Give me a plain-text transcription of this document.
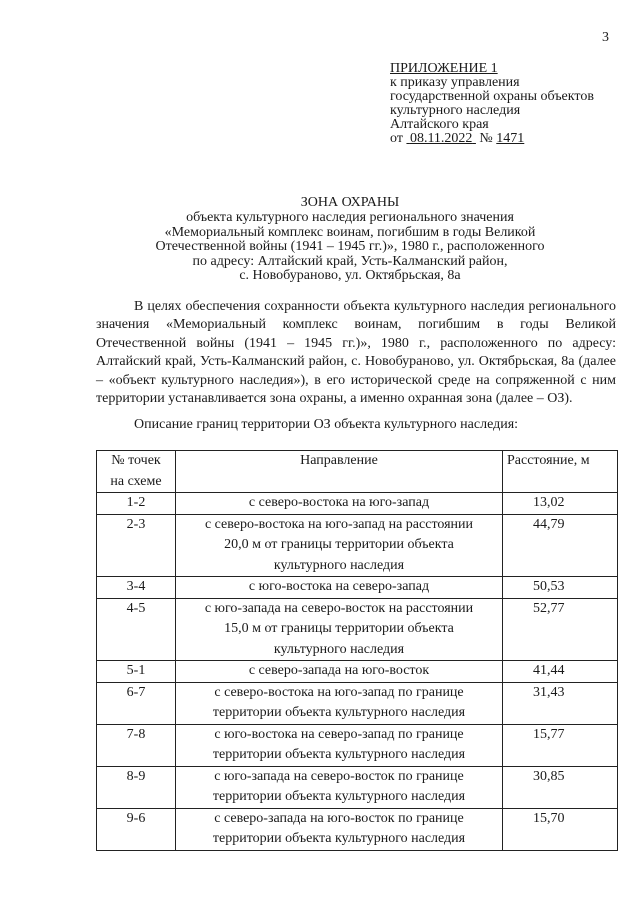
3
ПРИЛОЖЕНИЕ 1
к приказу управления
государственной охраны объектов
культурного наследия
Алтайского края
от 08.11.2022 № 1471
ЗОНА ОХРАНЫ
объекта культурного наследия регионального значения
«Мемориальный комплекс воинам, погибшим в годы Великой
Отечественной войны (1941 – 1945 гг.)», 1980 г., расположенного
по адресу: Алтайский край, Усть-Калманский район,
с. Новобураново, ул. Октябрьская, 8а
В целях обеспечения сохранности объекта культурного наследия регионального значения «Мемориальный комплекс воинам, погибшим в годы Великой Отечественной войны (1941 – 1945 гг.)», 1980 г., расположенного по адресу: Алтайский край, Усть-Калманский район, с. Новобураново, ул. Октябрьская, 8а (далее – «объект культурного наследия»), в его исторической среде на сопряженной с ним территории устанавливается зона охраны, а именно охранная зона (далее – ОЗ).
Описание границ территории ОЗ объекта культурного наследия:
№ точек
на схеме	Направление	Расстояние, м
1-2	с северо-востока на юго-запад	13,02
2-3	с северо-востока на юго-запад на расстоянии
20,0 м от границы территории объекта
культурного наследия	44,79
3-4	с юго-востока на северо-запад	50,53
4-5	с юго-запада на северо-восток на расстоянии
15,0 м от границы территории объекта
культурного наследия	52,77
5-1	с северо-запада на юго-восток	41,44
6-7	с северо-востока на юго-запад по границе
территории объекта культурного наследия	31,43
7-8	с юго-востока на северо-запад по границе
территории объекта культурного наследия	15,77
8-9	с юго-запада на северо-восток по границе
территории объекта культурного наследия	30,85
9-6	с северо-запада на юго-восток по границе
территории объекта культурного наследия	15,70
